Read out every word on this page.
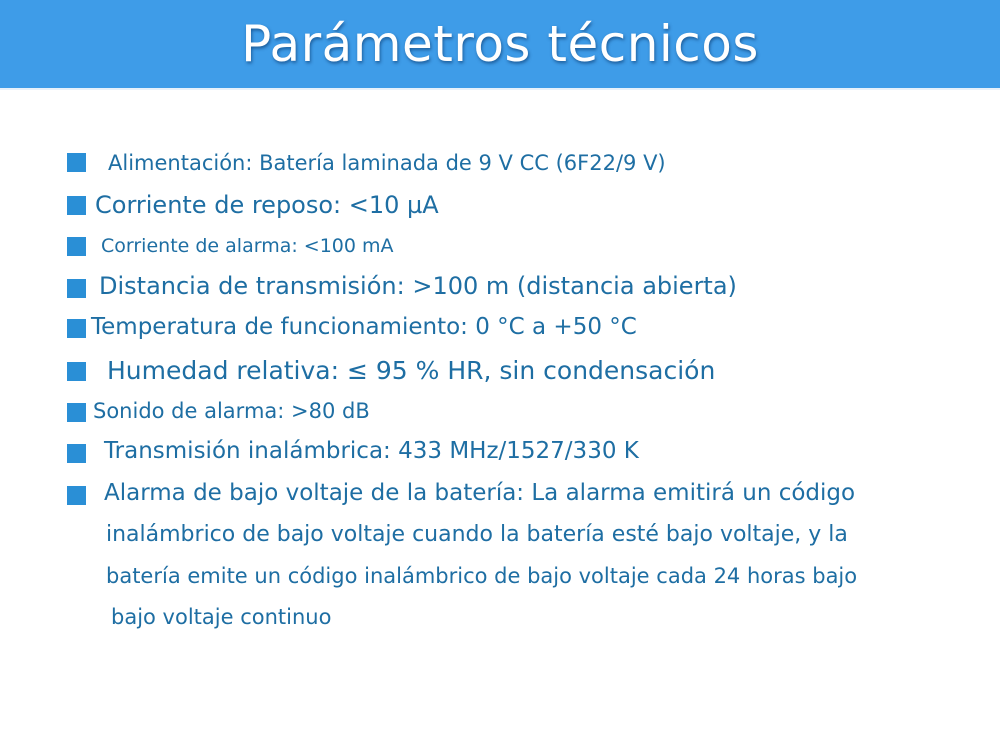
Parámetros técnicos
Alimentación: Batería laminada de 9 V CC (6F22/9 V)
Corriente de reposo: <10 µA
Corriente de alarma: <100 mA
Distancia de transmisión: >100 m (distancia abierta)
Temperatura de funcionamiento: 0 °C a +50 °C
Humedad relativa: ≤ 95 % HR, sin condensación
Sonido de alarma: >80 dB
Transmisión inalámbrica: 433 MHz/1527/330 K
Alarma de bajo voltaje de la batería: La alarma emitirá un código
inalámbrico de bajo voltaje cuando la batería esté bajo voltaje, y la
batería emite un código inalámbrico de bajo voltaje cada 24 horas bajo
bajo voltaje continuo
